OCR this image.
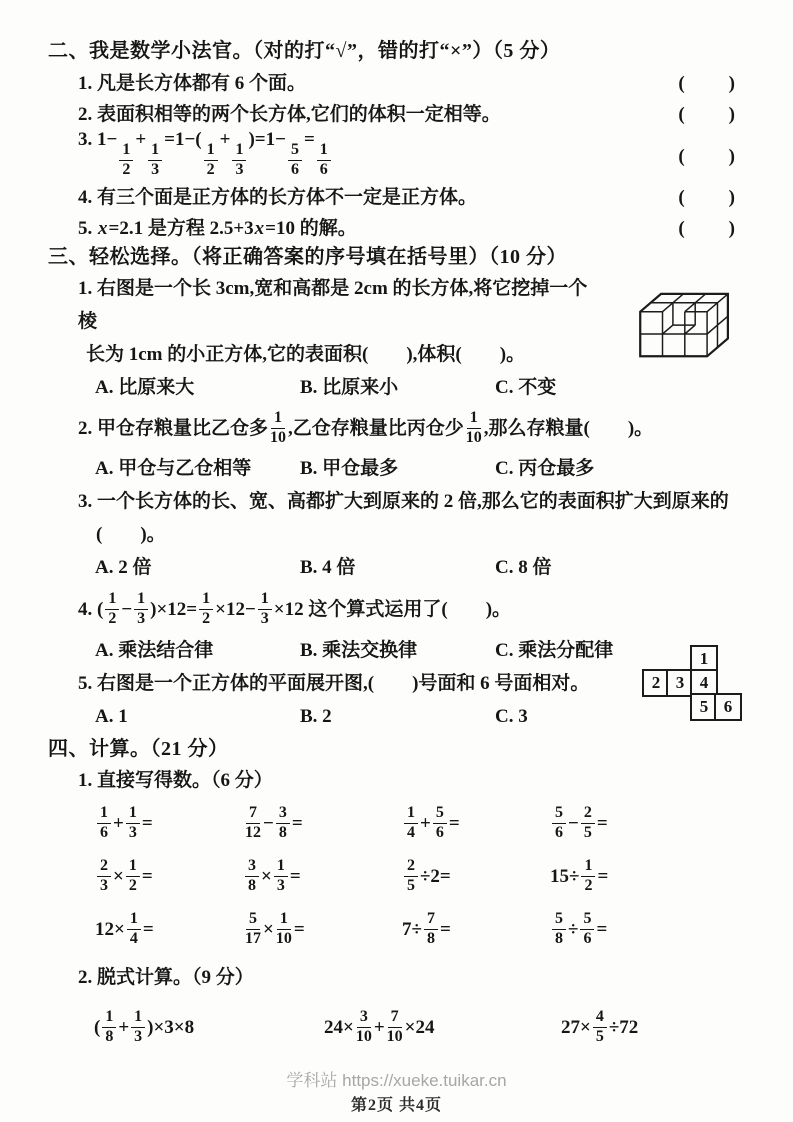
二、我是数学小法官。（对的打“√”，错的打“×”）（5 分）
1. 凡是长方体都有 6 个面。	(　　)
2. 表面积相等的两个长方体,它们的体积一定相等。	(　　)
3. 1−
$\frac{1}{2}$
+
$\frac{1}{3}$
=1−(
$\frac{1}{2}$
+
$\frac{1}{3}$
)=1−
$\frac{5}{6}$
=
$\frac{1}{6}$	(　　)
4. 有三个面是正方体的长方体不一定是正方体。	(　　)
5. x=2.1 是方程 2.5+3x=10 的解。	(　　)
三、轻松选择。（将正确答案的序号填在括号里）（10 分）
1. 右图是一个长 3cm,宽和高都是 2cm 的长方体,将它挖掉一个棱
长为 1cm 的小正方体,它的表面积(　　),体积(　　)。
A. 比原来大	B. 比原来小	C. 不变
2. 甲仓存粮量比乙仓多 $\frac{1}{10}$ ,乙仓存粮量比丙仓少 $\frac{1}{10}$ ,那么存粮量(　　)。
A. 甲仓与乙仓相等	B. 甲仓最多	C. 丙仓最多
3. 一个长方体的长、宽、高都扩大到原来的 2 倍,那么它的表面积扩大到原来的
(　　)。
A. 2 倍	B. 4 倍	C. 8 倍
4. ( $\frac{1}{2} - \frac{1}{3} )\times 12= \frac{1}{2} \times 12- \frac{1}{3} \times 12$ 这个算式运用了(　　)。
A. 乘法结合律	B. 乘法交换律	C. 乘法分配律
5. 右图是一个正方体的平面展开图,(　　)号面和 6 号面相对。
A. 1	B. 2	C. 3
四、计算。（21 分）
1. 直接写得数。（6 分）
$\frac{1}{6} + \frac{1}{3}$ =	$\frac{7}{12} - \frac{3}{8}$ =	$\frac{1}{4} + \frac{5}{6}$ =	$\frac{5}{6} - \frac{2}{5}$ =
$\frac{2}{3} \times \frac{1}{2}$ =	$\frac{3}{8} \times \frac{1}{3}$ =	$\frac{2}{5} \div 2=$	$15\div \frac{1}{2}$ =
$12\times \frac{1}{4}$ =	$\frac{5}{17} \times \frac{1}{10}$ =	$7\div \frac{7}{8}$ =	$\frac{5}{8} \div \frac{5}{6}$ =
2. 脱式计算。（9 分）
( $\frac{1}{8} + \frac{1}{3} )\times 3\times 8$	$24\times \frac{3}{10} + \frac{7}{10} \times 24$	$27\times \frac{4}{5} \div 72$
1
2 3 4
5 6
学科站 https://xueke.tuikar.cn
第2页 共4页
